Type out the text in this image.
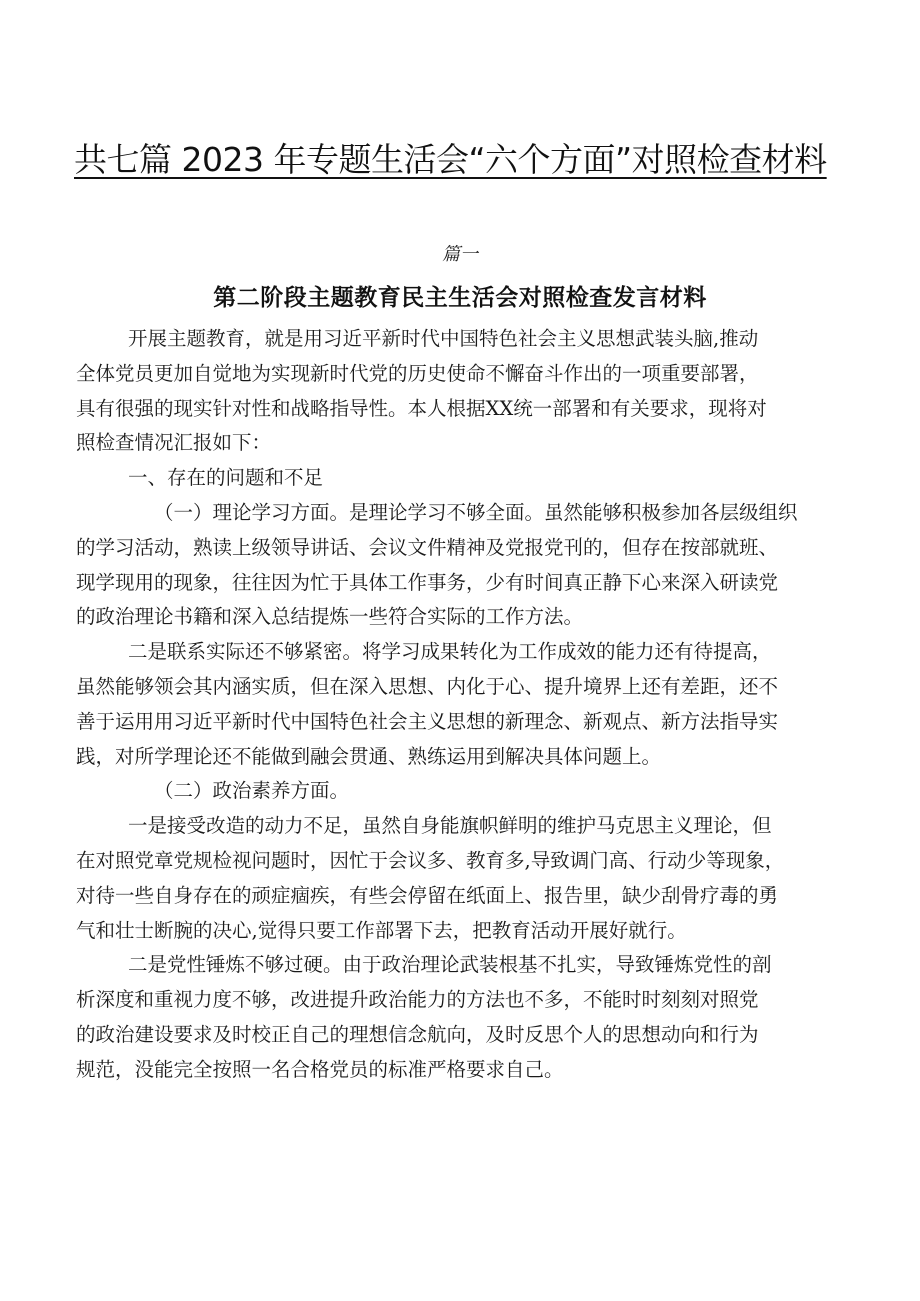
共七篇 2023 年专题生活会“六个方面”对照检查材料
篇一
第二阶段主题教育民主生活会对照检查发言材料
开展主题教育，就是用习近平新时代中国特色社会主义思想武装头脑,推动
全体党员更加自觉地为实现新时代党的历史使命不懈奋斗作出的一项重要部署，
具有很强的现实针对性和战略指导性。本人根据XX统一部署和有关要求，现将对
照检查情况汇报如下：
一、存在的问题和不足
（一）理论学习方面。是理论学习不够全面。虽然能够积极参加各层级组织
的学习活动，熟读上级领导讲话、会议文件精神及党报党刊的，但存在按部就班、
现学现用的现象，往往因为忙于具体工作事务，少有时间真正静下心来深入研读党
的政治理论书籍和深入总结提炼一些符合实际的工作方法。
二是联系实际还不够紧密。将学习成果转化为工作成效的能力还有待提高，
虽然能够领会其内涵实质，但在深入思想、内化于心、提升境界上还有差距，还不
善于运用用习近平新时代中国特色社会主义思想的新理念、新观点、新方法指导实
践，对所学理论还不能做到融会贯通、熟练运用到解决具体问题上。
（二）政治素养方面。
一是接受改造的动力不足，虽然自身能旗帜鲜明的维护马克思主义理论，但
在对照党章党规检视问题时，因忙于会议多、教育多,导致调门高、行动少等现象，
对待一些自身存在的顽症痼疾，有些会停留在纸面上、报告里，缺少刮骨疗毒的勇
气和壮士断腕的决心,觉得只要工作部署下去，把教育活动开展好就行。
二是党性锤炼不够过硬。由于政治理论武装根基不扎实，导致锤炼党性的剖
析深度和重视力度不够，改进提升政治能力的方法也不多，不能时时刻刻对照党
的政治建设要求及时校正自己的理想信念航向，及时反思个人的思想动向和行为
规范，没能完全按照一名合格党员的标准严格要求自己。
